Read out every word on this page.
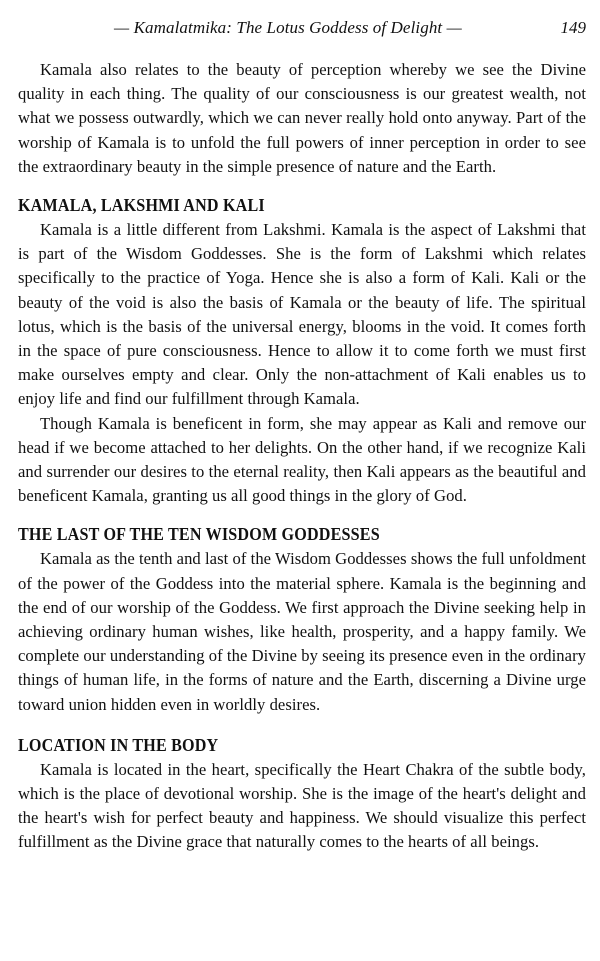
— Kamalatmika: The Lotus Goddess of Delight —	149

Kamala also relates to the beauty of perception whereby we see the Divine quality in each thing. The quality of our consciousness is our greatest wealth, not what we possess outwardly, which we can never really hold onto anyway. Part of the worship of Kamala is to unfold the full powers of inner perception in order to see the extraordinary beauty in the simple presence of nature and the Earth.

KAMALA, LAKSHMI AND KALI

Kamala is a little different from Lakshmi. Kamala is the aspect of Lakshmi that is part of the Wisdom Goddesses. She is the form of Lakshmi which relates specifically to the practice of Yoga. Hence she is also a form of Kali. Kali or the beauty of the void is also the basis of Kamala or the beauty of life. The spiritual lotus, which is the basis of the universal energy, blooms in the void. It comes forth in the space of pure consciousness. Hence to allow it to come forth we must first make ourselves empty and clear. Only the non-attachment of Kali enables us to enjoy life and find our fulfillment through Kamala.

Though Kamala is beneficent in form, she may appear as Kali and remove our head if we become attached to her delights. On the other hand, if we recognize Kali and surrender our desires to the eternal reality, then Kali appears as the beautiful and beneficent Kamala, granting us all good things in the glory of God.

THE LAST OF THE TEN WISDOM GODDESSES

Kamala as the tenth and last of the Wisdom Goddesses shows the full unfoldment of the power of the Goddess into the material sphere. Kamala is the beginning and the end of our worship of the Goddess. We first approach the Divine seeking help in achieving ordinary human wishes, like health, prosperity, and a happy family. We complete our understanding of the Divine by seeing its presence even in the ordinary things of human life, in the forms of nature and the Earth, discerning a Divine urge toward union hidden even in worldly desires.

LOCATION IN THE BODY

Kamala is located in the heart, specifically the Heart Chakra of the subtle body, which is the place of devotional worship. She is the image of the heart's delight and the heart's wish for perfect beauty and happiness. We should visualize this perfect fulfillment as the Divine grace that naturally comes to the hearts of all beings.
